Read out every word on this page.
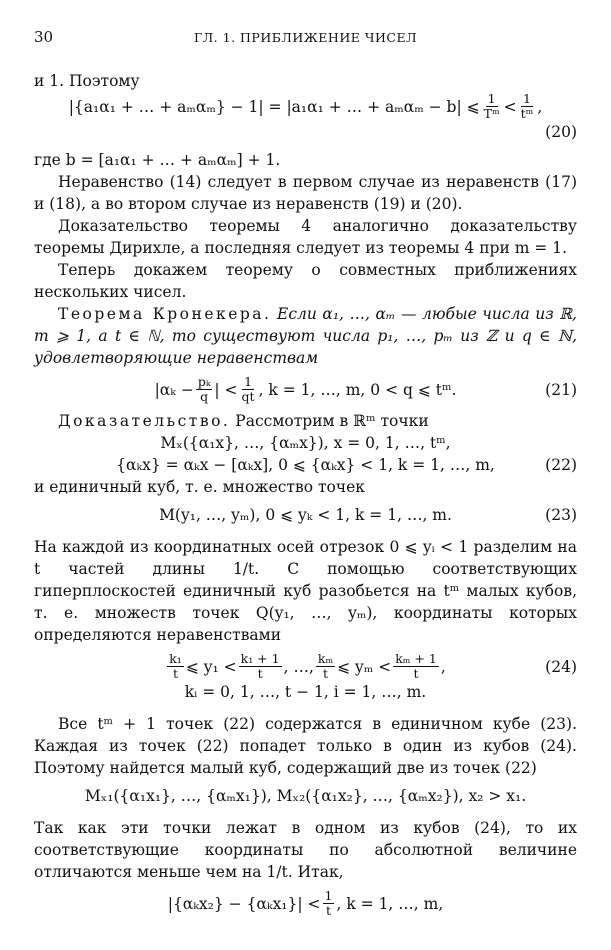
30	ГЛ. 1. ПРИБЛИЖЕНИЕ ЧИСЕЛ

и 1. Поэтому

|{a₁α₁ + … + aₘαₘ} − 1| = |a₁α₁ + … + aₘαₘ − b| ⩽ $\frac{1}{\text{Tᵐ}} < \frac{1}{\text{tᵐ}}$ ,
(20)

где b = [a₁α₁ + … + aₘαₘ] + 1.

Неравенство (14) следует в первом случае из неравенств (17) и (18), а во втором случае из неравенств (19) и (20).

Доказательство теоремы 4 аналогично доказательству теоремы Дирихле, а последняя следует из теоремы 4 при m = 1.

Теперь докажем теорему о совместных приближениях нескольких чисел.

Теорема Кронекера. Если α₁, …, αₘ — любые числа из ℝ, m ⩾ 1, a t ∈ ℕ, то существуют числа p₁, …, pₘ из ℤ и q ∈ ℕ, удовлетворяющие неравенствам

$|\alpha_k - \frac{\text{pₖ}}{q}$ | < $\frac{1}{qt}$ , k = 1, …, m, 0 < q ⩽ tᵐ.	(21)

Доказательство. Рассмотрим в ℝᵐ точки

Mₓ({α₁x}, …, {αₘx}), x = 0, 1, …, tᵐ,
{αₖx} = αₖx − [αₖx], 0 ⩽ {αₖx} < 1, k = 1, …, m,	(22)

и единичный куб, т. е. множество точек

M(y₁, …, yₘ), 0 ⩽ yₖ < 1, k = 1, …, m.	(23)

На каждой из координатных осей отрезок 0 ⩽ yᵢ < 1 разделим на t частей длины 1/t. С помощью соответствующих гиперплоскостей единичный куб разобьется на tᵐ малых кубов, т. е. множеств точек Q(y₁, …, yₘ), координаты которых определяются неравенствами

$\frac{\text{k₁}}{t}$ ⩽ $y_1 < \frac{\text{k₁ + 1}}{t}$ , …, $\frac{\text{kₘ}}{t}$ ⩽ $y_m < \frac{\text{kₘ + 1}}{t}$ ,	(24)
kᵢ = 0, 1, …, t − 1, i = 1, …, m.

Все tᵐ + 1 точек (22) содержатся в единичном кубе (23). Каждая из точек (22) попадет только в один из кубов (24). Поэтому найдется малый куб, содержащий две из точек (22)

Mₓ₁({α₁x₁}, …, {αₘx₁}), Mₓ₂({α₁x₂}, …, {αₘx₂}), x₂ > x₁.

Так как эти точки лежат в одном из кубов (24), то их соответствующие координаты по абсолютной величине отличаются меньше чем на 1/t. Итак,

$|\{\alpha_kx_2\} - \{\alpha_kx_1\}| < \frac{1}{t}$ , k = 1, …, m,
